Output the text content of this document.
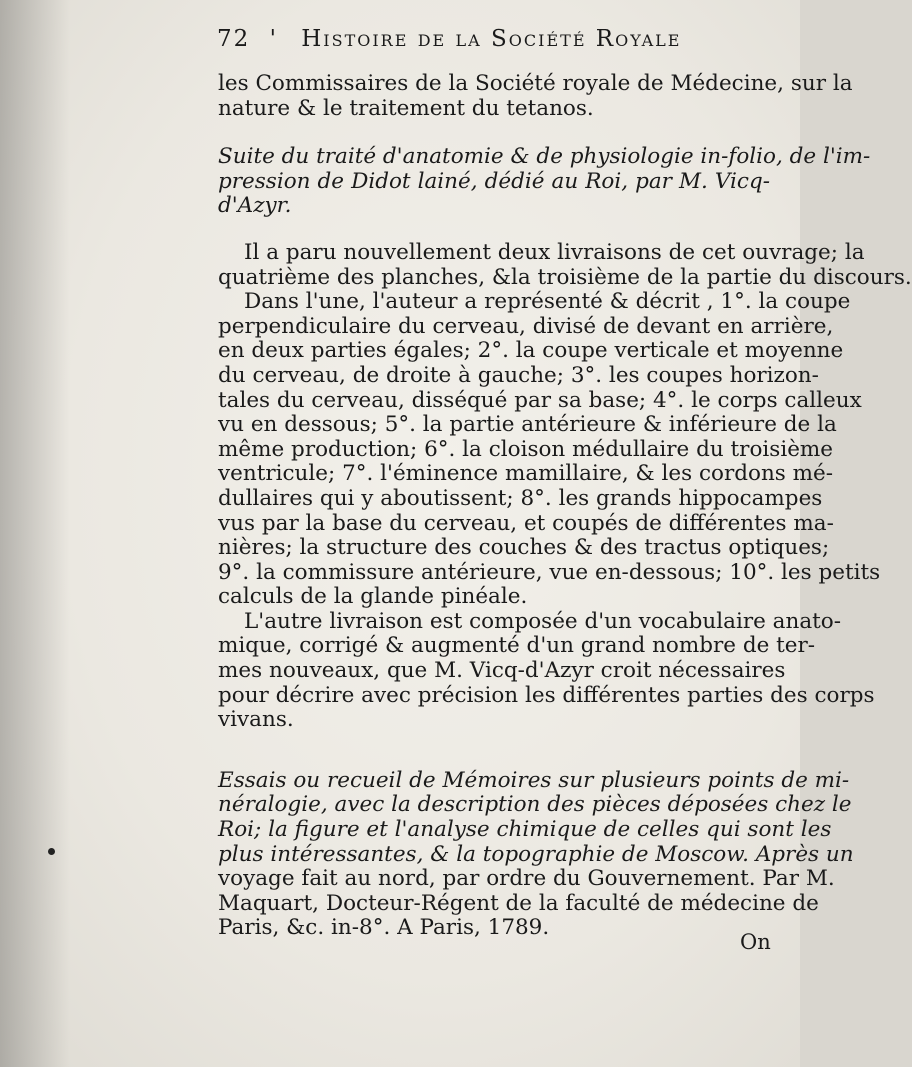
72 ' Histoire de la Société Royale
les Commissaires de la Société royale de Médecine, sur la
nature & le traitement du tetanos.
Suite du traité d'anatomie & de physiologie in-folio, de l'im-
pression de Didot lainé, dédié au Roi, par M. Vicq-
d'Azyr.
Il a paru nouvellement deux livraisons de cet ouvrage; la
quatrième des planches, &la troisième de la partie du discours.
Dans l'une, l'auteur a représenté & décrit , 1°. la coupe
perpendiculaire du cerveau, divisé de devant en arrière,
en deux parties égales; 2°. la coupe verticale et moyenne
du cerveau, de droite à gauche; 3°. les coupes horizon-
tales du cerveau, disséqué par sa base; 4°. le corps calleux
vu en dessous; 5°. la partie antérieure & inférieure de la
même production; 6°. la cloison médullaire du troisième
ventricule; 7°. l'éminence mamillaire, & les cordons mé-
dullaires qui y aboutissent; 8°. les grands hippocampes
vus par la base du cerveau, et coupés de différentes ma-
nières; la structure des couches & des tractus optiques;
9°. la commissure antérieure, vue en-dessous; 10°. les petits
calculs de la glande pinéale.
L'autre livraison est composée d'un vocabulaire anato-
mique, corrigé & augmenté d'un grand nombre de ter-
mes nouveaux, que M. Vicq-d'Azyr croit nécessaires
pour décrire avec précision les différentes parties des corps
vivans.
Essais ou recueil de Mémoires sur plusieurs points de mi-
néralogie, avec la description des pièces déposées chez le
Roi; la figure et l'analyse chimique de celles qui sont les
plus intéressantes, & la topographie de Moscow. Après un
voyage fait au nord, par ordre du Gouvernement. Par M.
Maquart, Docteur-Régent de la faculté de médecine de
Paris, &c. in-8°. A Paris, 1789.
On
